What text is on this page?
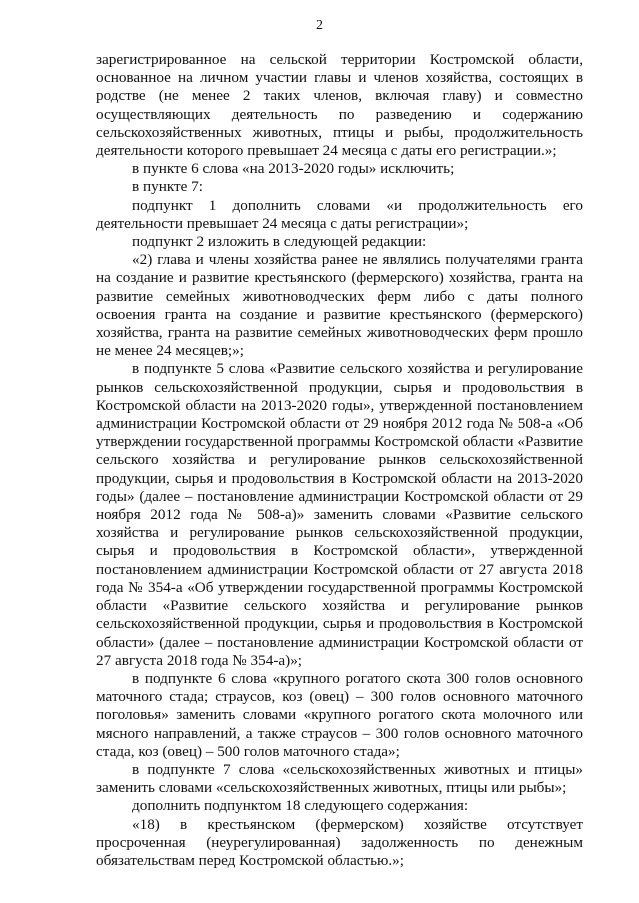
2

зарегистрированное на сельской территории Костромской области, основанное на личном участии главы и членов хозяйства, состоящих в родстве (не менее 2 таких членов, включая главу) и совместно осуществляющих деятельность по разведению и содержанию сельскохозяйственных животных, птицы и рыбы, продолжительность деятельности которого превышает 24 месяца с даты его регистрации.»;

в пункте 6 слова «на 2013-2020 годы» исключить;

в пункте 7:

подпункт 1 дополнить словами «и продолжительность его деятельности превышает 24 месяца с даты регистрации»;

подпункт 2 изложить в следующей редакции:

«2) глава и члены хозяйства ранее не являлись получателями гранта на создание и развитие крестьянского (фермерского) хозяйства, гранта на развитие семейных животноводческих ферм либо с даты полного освоения гранта на создание и развитие крестьянского (фермерского) хозяйства, гранта на развитие семейных животноводческих ферм прошло не менее 24 месяцев;»;

в подпункте 5 слова «Развитие сельского хозяйства и регулирование рынков сельскохозяйственной продукции, сырья и продовольствия в Костромской области на 2013-2020 годы», утвержденной постановлением администрации Костромской области от 29 ноября 2012 года № 508-а «Об утверждении государственной программы Костромской области «Развитие сельского хозяйства и регулирование рынков сельскохозяйственной продукции, сырья и продовольствия в Костромской области на 2013-2020 годы» (далее – постановление администрации Костромской области от 29 ноября 2012 года № 508-а)» заменить словами «Развитие сельского хозяйства и регулирование рынков сельскохозяйственной продукции, сырья и продовольствия в Костромской области», утвержденной постановлением администрации Костромской области от 27 августа 2018 года № 354-а «Об утверждении государственной программы Костромской области «Развитие сельского хозяйства и регулирование рынков сельскохозяйственной продукции, сырья и продовольствия в Костромской области» (далее – постановление администрации Костромской области от 27 августа 2018 года № 354-а)»;

в подпункте 6 слова «крупного рогатого скота 300 голов основного маточного стада; страусов, коз (овец) – 300 голов основного маточного поголовья» заменить словами «крупного рогатого скота молочного или мясного направлений, а также страусов – 300 голов основного маточного стада, коз (овец) – 500 голов маточного стада»;

в подпункте 7 слова «сельскохозяйственных животных и птицы» заменить словами «сельскохозяйственных животных, птицы или рыбы»;

дополнить подпунктом 18 следующего содержания:

«18) в крестьянском (фермерском) хозяйстве отсутствует просроченная (неурегулированная) задолженность по денежным обязательствам перед Костромской областью.»;
